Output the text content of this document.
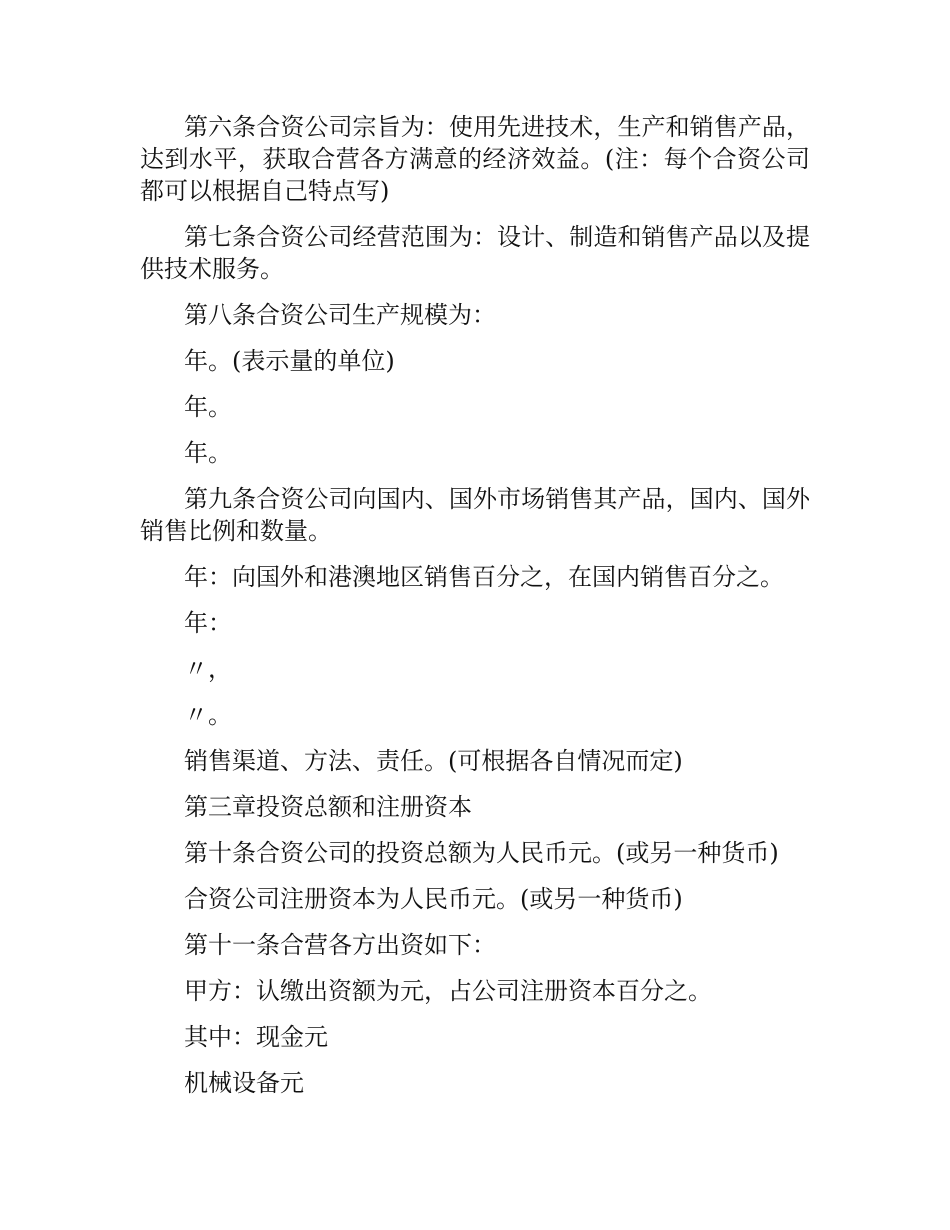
第六条合资公司宗旨为：使用先进技术，生产和销售产品，达到水平，获取合营各方满意的经济效益。(注：每个合资公司都可以根据自己特点写)

第七条合资公司经营范围为：设计、制造和销售产品以及提供技术服务。

第八条合资公司生产规模为：

年。(表示量的单位)

年。

年。

第九条合资公司向国内、国外市场销售其产品，国内、国外销售比例和数量。

年：向国外和港澳地区销售百分之，在国内销售百分之。

年：

〃，

〃。

销售渠道、方法、责任。(可根据各自情况而定)

第三章投资总额和注册资本

第十条合资公司的投资总额为人民币元。(或另一种货币)

合资公司注册资本为人民币元。(或另一种货币)

第十一条合营各方出资如下：

甲方：认缴出资额为元，占公司注册资本百分之。

其中：现金元

机械设备元
